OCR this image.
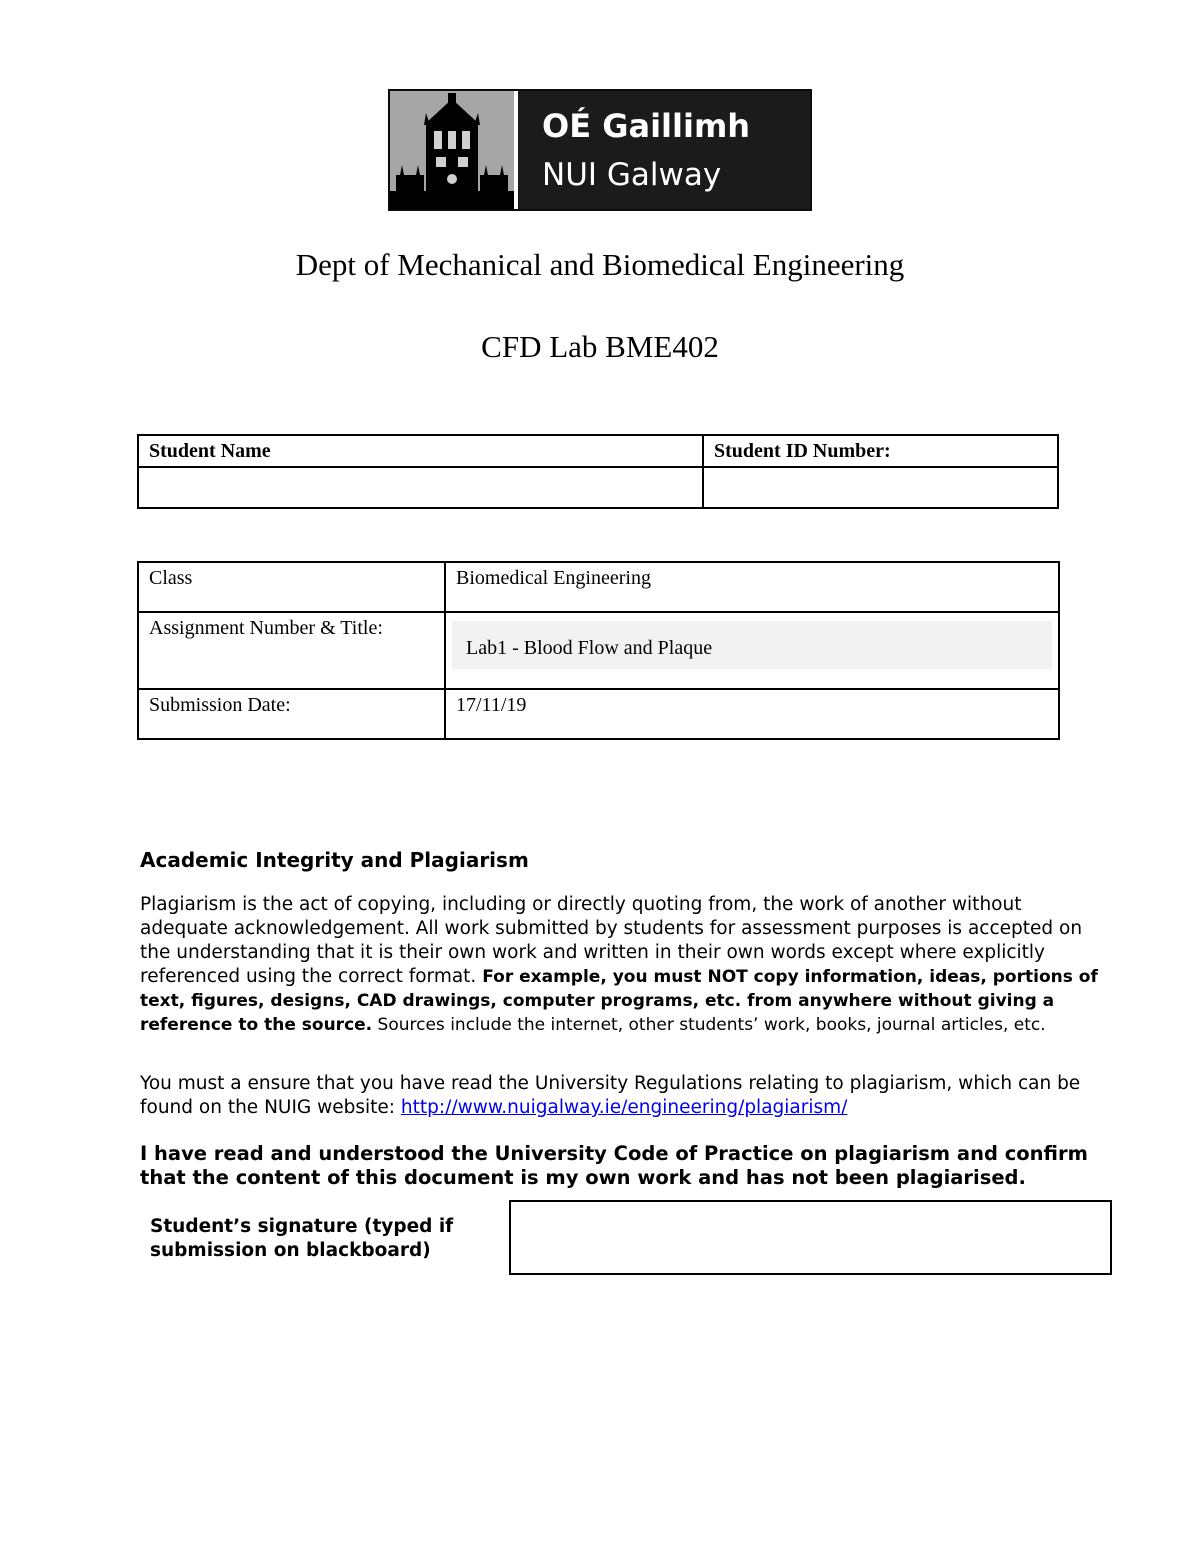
OÉ Gaillimh
NUI Galway
Dept of Mechanical and Biomedical Engineering
CFD Lab BME402
Student Name	Student ID Number:

Class	Biomedical Engineering
Assignment Number & Title:	Lab1 - Blood Flow and Plaque

Submission Date:	17/11/19
Academic Integrity and Plagiarism
Plagiarism is the act of copying, including or directly quoting from, the work of another without adequate acknowledgement. All work submitted by students for assessment purposes is accepted on the understanding that it is their own work and written in their own words except where explicitly referenced using the correct format. For example, you must NOT copy information, ideas, portions of text, figures, designs, CAD drawings, computer programs, etc. from anywhere without giving a reference to the source. Sources include the internet, other students’ work, books, journal articles, etc.
You must a ensure that you have read the University Regulations relating to plagiarism, which can be found on the NUIG website: http://www.nuigalway.ie/engineering/plagiarism/
I have read and understood the University Code of Practice on plagiarism and confirm that the content of this document is my own work and has not been plagiarised.
Student’s signature (typed if submission on blackboard)
